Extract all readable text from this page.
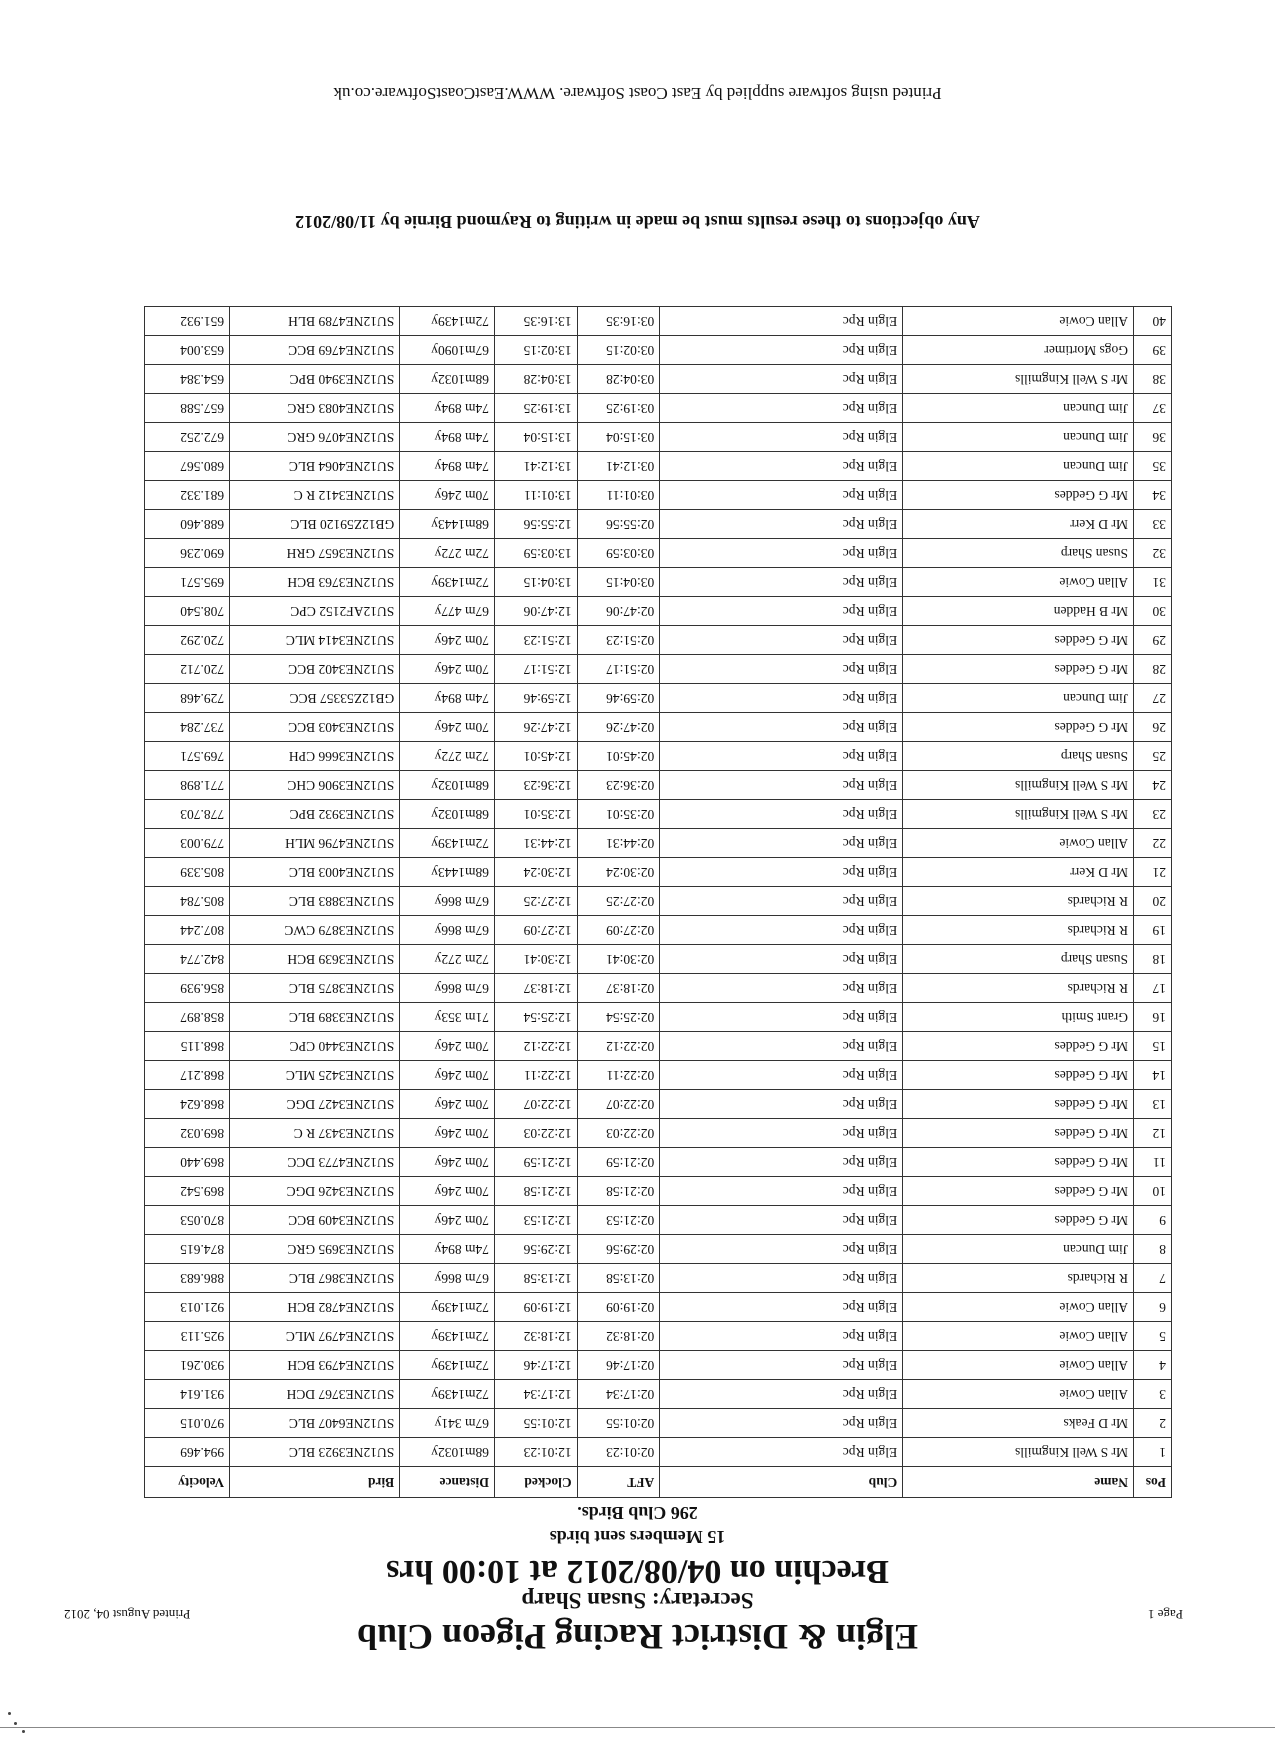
Page 1
Printed August 04, 2012
Elgin & District Racing Pigeon Club
Secretary: Susan Sharp
Brechin on 04/08/2012 at 10:00 hrs
15 Members sent birds
296 Club Birds.
Pos	Name	Club	AFT	Clocked	Distance	Bird	Velocity
1	Mr S Well Kingmills	Elgin Rpc	02:01:23	12:01:23	68m1032y	SU12NE3923 BLC	994.469
2	Mr D Feaks	Elgin Rpc	02:01:55	12:01:55	67m 341y	SU12NE6407 BLC	970.015
3	Allan Cowie	Elgin Rpc	02:17:34	12:17:34	72m1439y	SU12NE3767 DCH	931.614
4	Allan Cowie	Elgin Rpc	02:17:46	12:17:46	72m1439y	SU12NE4793 BCH	930.261
5	Allan Cowie	Elgin Rpc	02:18:32	12:18:32	72m1439y	SU12NE4797 MLC	925.113
6	Allan Cowie	Elgin Rpc	02:19:09	12:19:09	72m1439y	SU12NE4782 BCH	921.013
7	R Richards	Elgin Rpc	02:13:58	12:13:58	67m 866y	SU12NE3867 BLC	886.683
8	Jim Duncan	Elgin Rpc	02:29:56	12:29:56	74m 894y	SU12NE3695 GRC	874.615
9	Mr G Geddes	Elgin Rpc	02:21:53	12:21:53	70m 246y	SU12NE3409 BCC	870.053
10	Mr G Geddes	Elgin Rpc	02:21:58	12:21:58	70m 246y	SU12NE3426 DGC	869.542
11	Mr G Geddes	Elgin Rpc	02:21:59	12:21:59	70m 246y	SU12NE4773 DCC	869.440
12	Mr G Geddes	Elgin Rpc	02:22:03	12:22:03	70m 246y	SU12NE3437 R C	869.032
13	Mr G Geddes	Elgin Rpc	02:22:07	12:22:07	70m 246y	SU12NE3427 DGC	868.624
14	Mr G Geddes	Elgin Rpc	02:22:11	12:22:11	70m 246y	SU12NE3425 MLC	868.217
15	Mr G Geddes	Elgin Rpc	02:22:12	12:22:12	70m 246y	SU12NE3440 CPC	868.115
16	Grant Smith	Elgin Rpc	02:25:54	12:25:54	71m 353y	SU12NE3389 BLC	858.897
17	R Richards	Elgin Rpc	02:18:37	12:18:37	67m 866y	SU12NE3875 BLC	856.939
18	Susan Sharp	Elgin Rpc	02:30:41	12:30:41	72m 272y	SU12NE3639 BCH	842.774
19	R Richards	Elgin Rpc	02:27:09	12:27:09	67m 866y	SU12NE3879 CWC	807.244
20	R Richards	Elgin Rpc	02:27:25	12:27:25	67m 866y	SU12NE3883 BLC	805.784
21	Mr D Kerr	Elgin Rpc	02:30:24	12:30:24	68m1443y	SU12NE4003 BLC	805.339
22	Allan Cowie	Elgin Rpc	02:44:31	12:44:31	72m1439y	SU12NE4796 MLH	779.003
23	Mr S Well Kingmills	Elgin Rpc	02:35:01	12:35:01	68m1032y	SU12NE3932 BPC	778.703
24	Mr S Well Kingmills	Elgin Rpc	02:36:23	12:36:23	68m1032y	SU12NE3906 CHC	771.898
25	Susan Sharp	Elgin Rpc	02:45:01	12:45:01	72m 272y	SU12NE3666 CPH	769.571
26	Mr G Geddes	Elgin Rpc	02:47:26	12:47:26	70m 246y	SU12NE3403 BCC	737.284
27	Jim Duncan	Elgin Rpc	02:59:46	12:59:46	74m 894y	GB12Z53357 BCC	729.468
28	Mr G Geddes	Elgin Rpc	02:51:17	12:51:17	70m 246y	SU12NE3402 BCC	720.712
29	Mr G Geddes	Elgin Rpc	02:51:23	12:51:23	70m 246y	SU12NE3414 MLC	720.292
30	Mr B Hadden	Elgin Rpc	02:47:06	12:47:06	67m 477y	SU12AF2152 CPC	708.540
31	Allan Cowie	Elgin Rpc	03:04:15	13:04:15	72m1439y	SU12NE3763 BCH	695.571
32	Susan Sharp	Elgin Rpc	03:03:59	13:03:59	72m 272y	SU12NE3657 GRH	690.236
33	Mr D Kerr	Elgin Rpc	02:55:56	12:55:56	68m1443y	GB12Z59120 BLC	688.460
34	Mr G Geddes	Elgin Rpc	03:01:11	13:01:11	70m 246y	SU12NE3412 R C	681.332
35	Jim Duncan	Elgin Rpc	03:12:41	13:12:41	74m 894y	SU12NE4064 BLC	680.567
36	Jim Duncan	Elgin Rpc	03:15:04	13:15:04	74m 894y	SU12NE4076 GRC	672.252
37	Jim Duncan	Elgin Rpc	03:19:25	13:19:25	74m 894y	SU12NE4083 GRC	657.588
38	Mr S Well Kingmills	Elgin Rpc	03:04:28	13:04:28	68m1032y	SU12NE3940 BPC	654.384
39	Gogs Mortimer	Elgin Rpc	03:02:15	13:02:15	67m1090y	SU12NE4769 BCC	653.004
40	Allan Cowie	Elgin Rpc	03:16:35	13:16:35	72m1439y	SU12NE4789 BLH	651.932
Any objections to these results must be made in writing to Raymond Birnie by 11/08/2012
Printed using software supplied by East Coast Software. WWW.EastCoastSoftware.co.uk
